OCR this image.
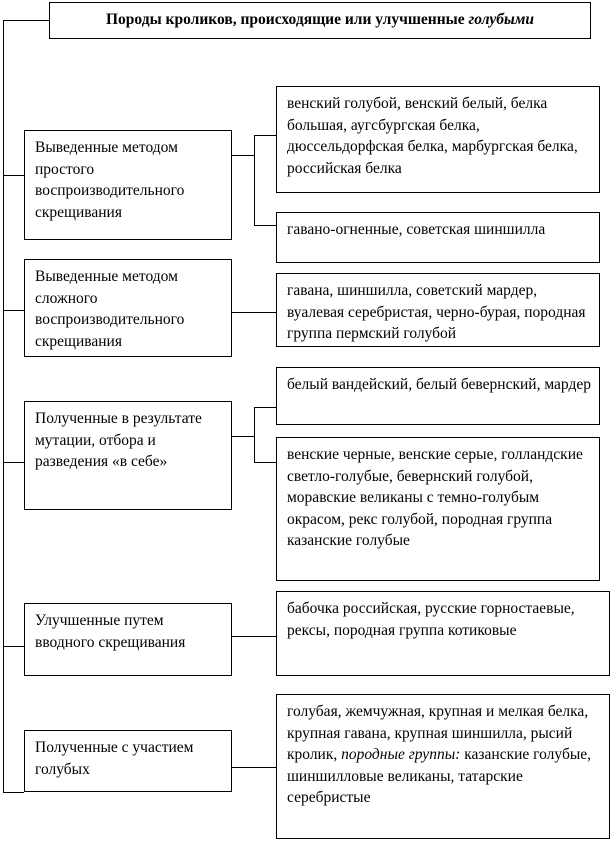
Породы кроликов, происходящие или улучшенные голубыми
Выведенные методом простого воспроизводительного скрещивания
венский голубой, венский белый, белка большая, аугсбургская белка, дюссельдорфская белка, марбургская белка, российская белка
гавано-огненные, советская шиншилла
Выведенные методом сложного воспроизводительного скрещивания
гавана, шиншилла, советский мардер, вуалевая серебристая, черно-бурая, породная группа пермский голубой
Полученные в результате мутации, отбора и разведения «в себе»
белый вандейский, белый бевернский, мардер
венские черные, венские серые, голландские светло-голубые, бевернский голубой, моравские великаны с темно-голубым окрасом, рекс голубой, породная группа казанские голубые
Улучшенные путем вводного скрещивания
бабочка российская, русские горностаевые, рексы, породная группа котиковые
Полученные с участием голубых
голубая, жемчужная, крупная и мелкая белка, крупная гавана, крупная шиншилла, рысий кролик, породные группы: казанские голубые, шиншилловые великаны, татарские серебристые
